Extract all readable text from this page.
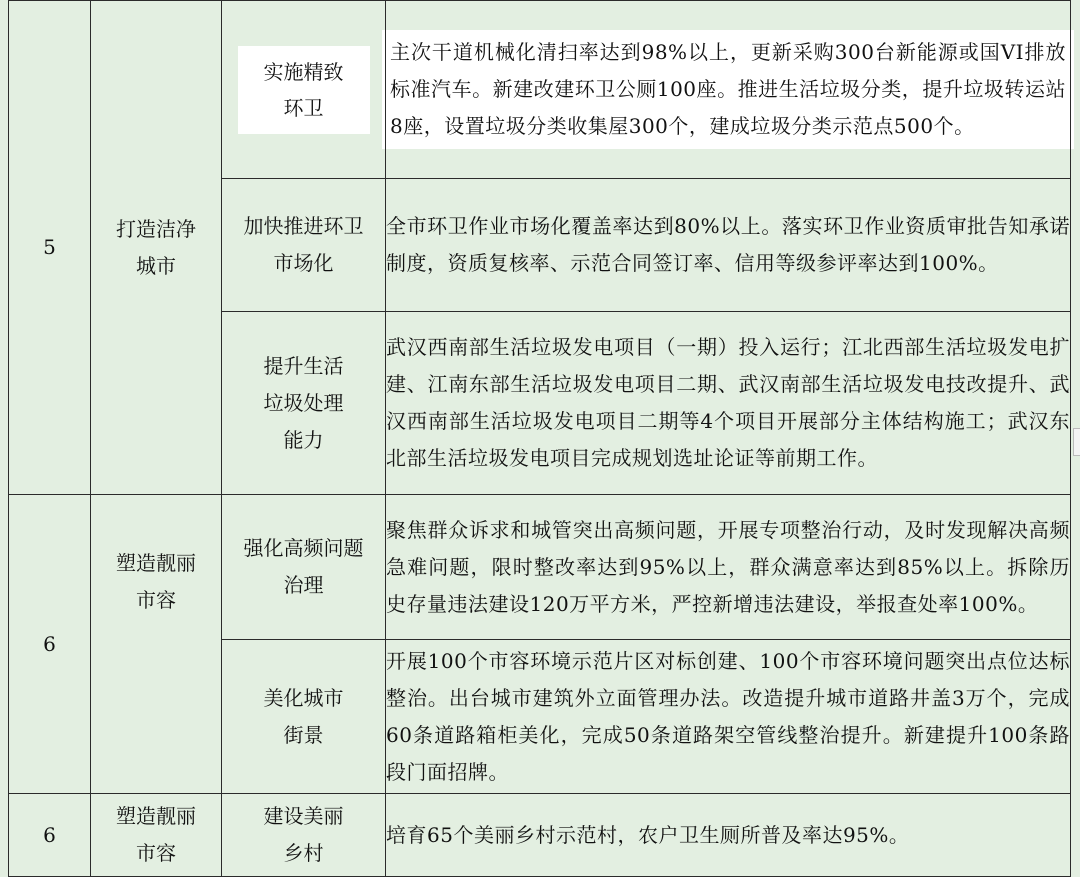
5	打造洁净城市	实施精致环卫	主次干道机械化清扫率达到98%以上，更新采购300台新能源或国VI排放标准汽车。新建改建环卫公厕100座。推进生活垃圾分类，提升垃圾转运站8座，设置垃圾分类收集屋300个，建成垃圾分类示范点500个。

		加快推进环卫市场化	全市环卫作业市场化覆盖率达到80%以上。落实环卫作业资质审批告知承诺制度，资质复核率、示范合同签订率、信用等级参评率达到100%。

		提升生活垃圾处理能力	武汉西南部生活垃圾发电项目（一期）投入运行；江北西部生活垃圾发电扩建、江南东部生活垃圾发电项目二期、武汉南部生活垃圾发电技改提升、武汉西南部生活垃圾发电项目二期等4个项目开展部分主体结构施工；武汉东北部生活垃圾发电项目完成规划选址论证等前期工作。

6	塑造靓丽市容	强化高频问题治理	聚焦群众诉求和城管突出高频问题，开展专项整治行动，及时发现解决高频急难问题，限时整改率达到95%以上，群众满意率达到85%以上。拆除历史存量违法建设120万平方米，严控新增违法建设，举报查处率100%。

		美化城市街景	开展100个市容环境示范片区对标创建、100个市容环境问题突出点位达标整治。出台城市建筑外立面管理办法。改造提升城市道路井盖3万个，完成60条道路箱柜美化，完成50条道路架空管线整治提升。新建提升100条路段门面招牌。

6	塑造靓丽市容	建设美丽乡村	培育65个美丽乡村示范村，农户卫生厕所普及率达95%。
